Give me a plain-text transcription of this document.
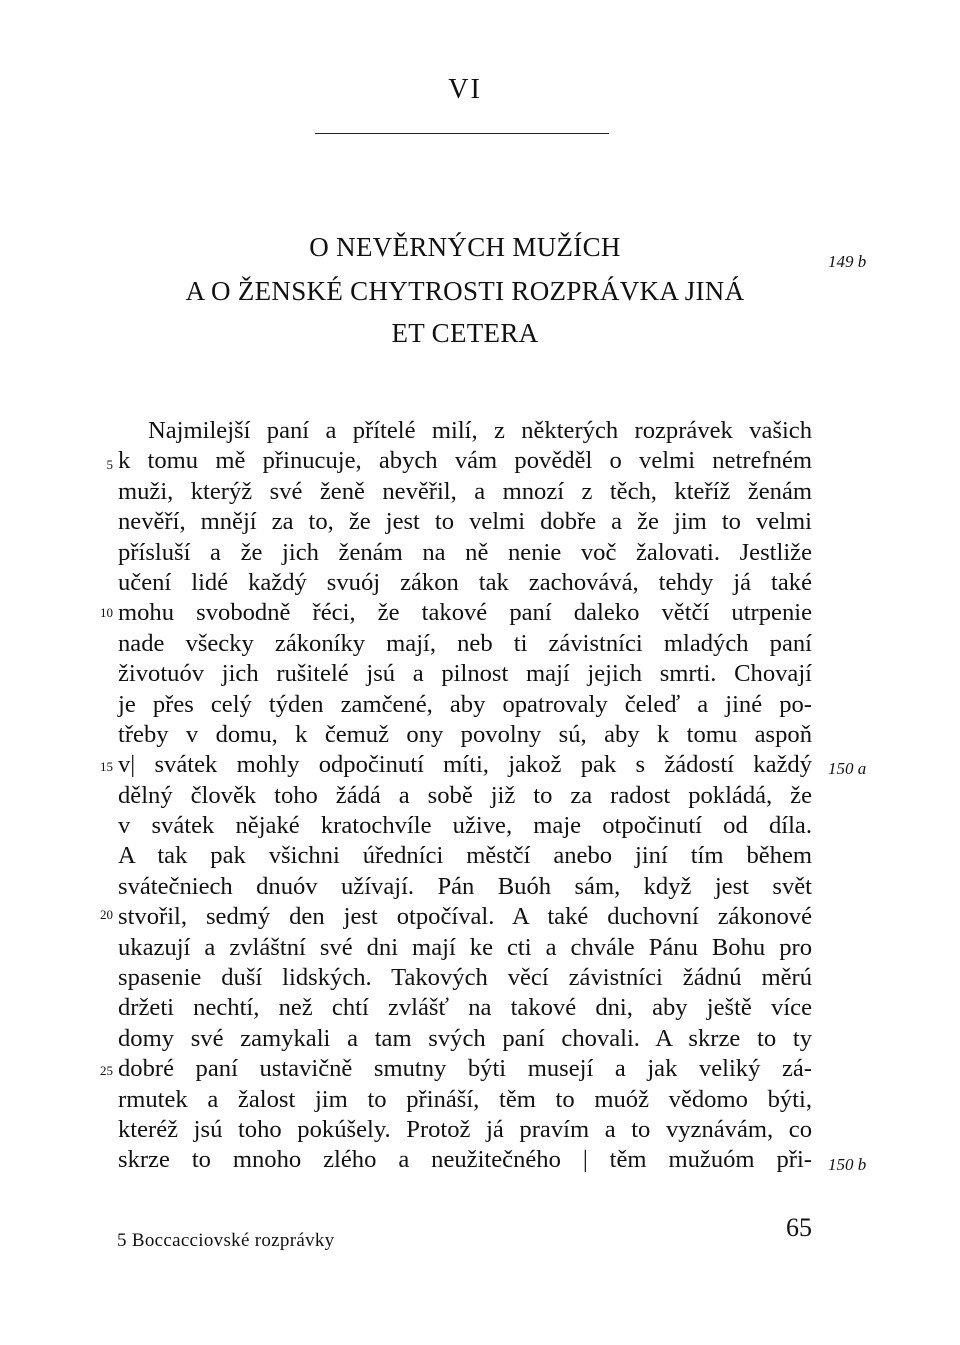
VI
O NEVĚRNÝCH MUŽÍCH
A O ŽENSKÉ CHYTROSTI ROZPRÁVKA JINÁ
ET CETERA
149 b
Najmilejší paní a přítelé milí, z některých rozprávek vašich
k tomu mě přinucuje, abych vám pověděl o velmi netrefném
muži, kterýž své ženě nevěřil, a mnozí z těch, kteříž ženám
nevěří, mnějí za to, že jest to velmi dobře a že jim to velmi
přísluší a že jich ženám na ně nenie voč žalovati. Jestliže
učení lidé každý svuój zákon tak zachovává, tehdy já také
mohu svobodně řéci, že takové paní daleko větčí utrpenie
nade všecky zákoníky mají, neb ti závistníci mladých paní
životuóv jich rušitelé jsú a pilnost mají jejich smrti. Chovají
je přes celý týden zamčené, aby opatrovaly čeleď a jiné po-
třeby v domu, k čemuž ony povolny sú, aby k tomu aspoň
v| svátek mohly odpočinutí míti, jakož pak s žádostí každý
dělný člověk toho žádá a sobě již to za radost pokládá, že
v svátek nějaké kratochvíle užive, maje otpočinutí od díla.
A tak pak všichni úředníci městčí anebo jiní tím během
svátečniech dnuóv užívají. Pán Buóh sám, když jest svět
stvořil, sedmý den jest otpočíval. A také duchovní zákonové
ukazují a zvláštní své dni mají ke cti a chvále Pánu Bohu pro
spasenie duší lidských. Takových věcí závistníci žádnú měrú
držeti nechtí, než chtí zvlášť na takové dni, aby ještě více
domy své zamykali a tam svých paní chovali. A skrze to ty
dobré paní ustavičně smutny býti musejí a jak veliký zá-
rmutek a žalost jim to přináší, těm to muóž vědomo býti,
kteréž jsú toho pokúšely. Protož já pravím a to vyznávám, co
skrze to mnoho zlého a neužitečného | těm mužuóm při-
5
10
15
20
25
150 a
150 b
5 Boccacciovské rozprávky	65
